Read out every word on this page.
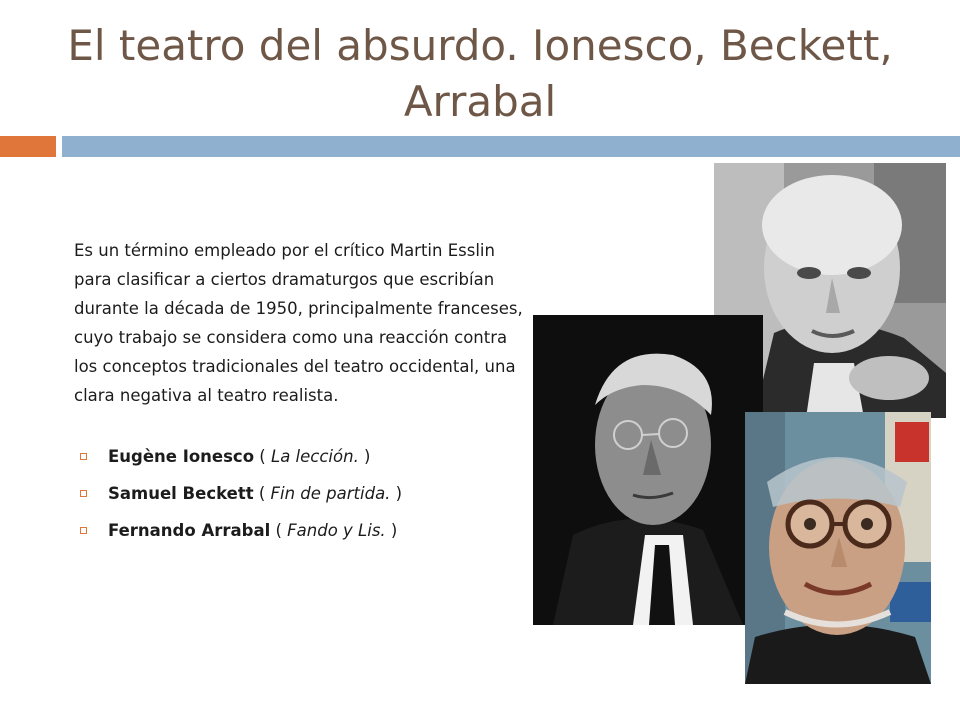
El teatro del absurdo. Ionesco, Beckett, Arrabal

Es un término empleado por el crítico Martin Esslin para clasificar a ciertos dramaturgos que escribían durante la década de 1950, principalmente franceses, cuyo trabajo se considera como una reacción contra los conceptos tradicionales del teatro occidental, una clara negativa al teatro realista.

Eugène Ionesco ( La lección. )
Samuel Beckett ( Fin de partida. )
Fernando Arrabal ( Fando y Lis. )
